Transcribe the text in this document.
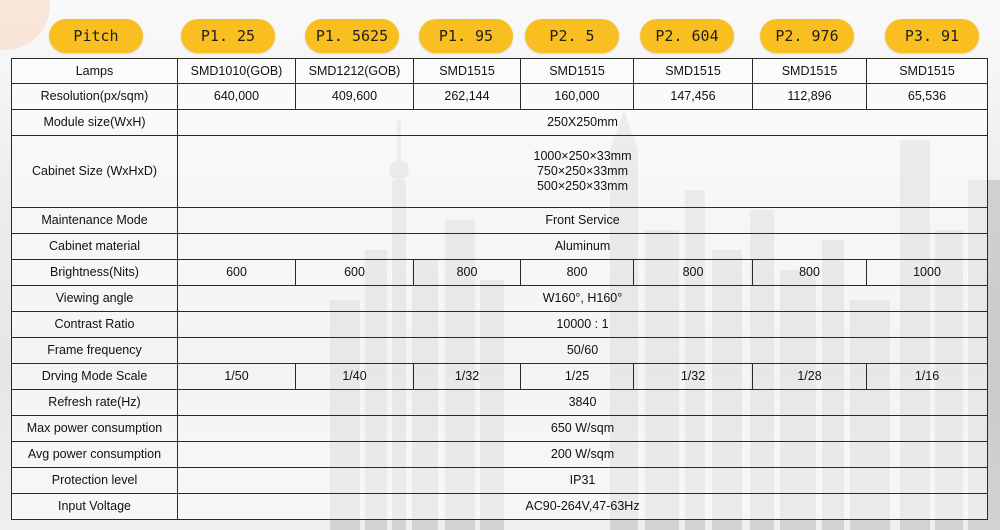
Pitch	P1. 25	P1. 5625	P1. 95	P2. 5	P2. 604	P2. 976	P3. 91
Lamps	SMD1010(GOB)	SMD1212(GOB)	SMD1515	SMD1515	SMD1515	SMD1515	SMD1515
Resolution(px/sqm)	640,000	409,600	262,144	160,000	147,456	112,896	65,536
Module size(WxH)	250X250mm						
Cabinet Size (WxHxD)	1000×250×33mm
750×250×33mm
500×250×33mm						

Maintenance Mode	Front Service						
Cabinet material	Aluminum						
Brightness(Nits)	600	600	800	800	800	800	1000
Viewing angle	W160°, H160°						
Contrast Ratio	10000 : 1						
Frame frequency	50/60						
Drving Mode Scale	1/50	1/40	1/32	1/25	1/32	1/28	1/16
Refresh rate(Hz)	3840						
Max power consumption	650 W/sqm						
Avg power consumption	200 W/sqm						
Protection level	IP31						
Input Voltage	AC90-264V,47-63Hz						
